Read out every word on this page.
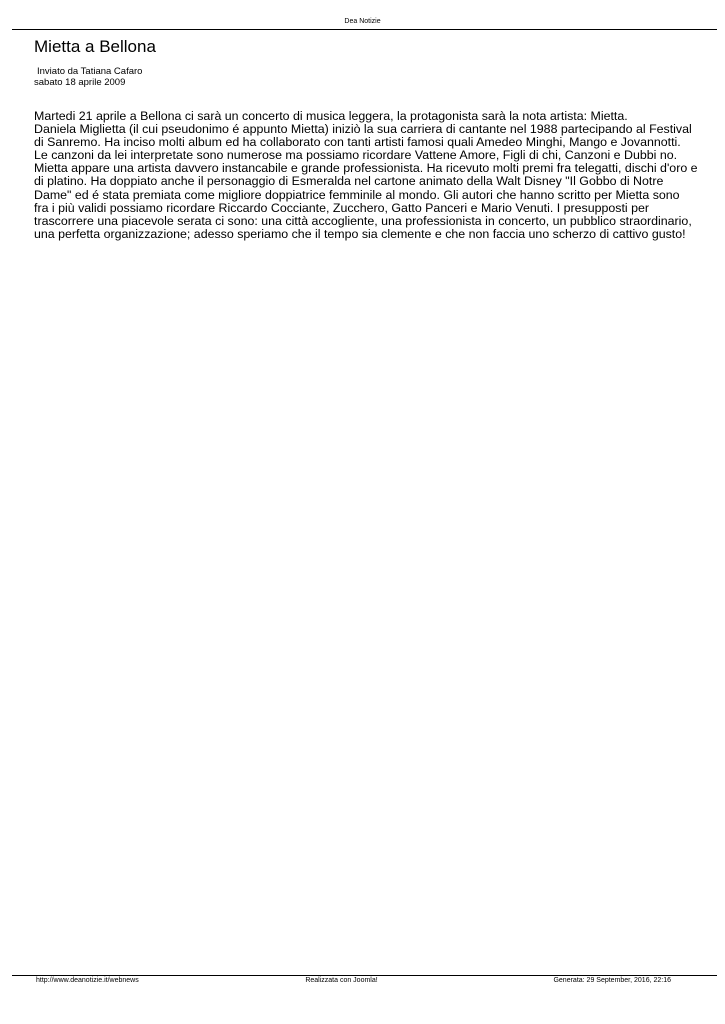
Dea Notizie
Mietta a Bellona
Inviato da Tatiana Cafaro
sabato 18 aprile 2009

Martedi 21 aprile a Bellona ci sarà un concerto di musica leggera, la protagonista sarà la nota artista: Mietta.

Daniela Miglietta (il cui pseudonimo é appunto Mietta) iniziò la sua carriera di cantante nel 1988 partecipando al Festival

di Sanremo. Ha inciso molti album ed ha collaborato con tanti artisti famosi quali Amedeo Minghi, Mango e Jovannotti.

Le canzoni da lei interpretate sono numerose ma possiamo ricordare Vattene Amore, Figli di chi, Canzoni e Dubbi no.

Mietta appare una artista davvero instancabile e grande professionista. Ha ricevuto molti premi fra telegatti, dischi d'oro e

di platino. Ha doppiato anche il personaggio di Esmeralda nel cartone animato della Walt Disney "Il Gobbo di Notre

Dame" ed é stata premiata come migliore doppiatrice femminile al mondo. Gli autori che hanno scritto per Mietta sono

fra i più validi possiamo ricordare Riccardo Cocciante, Zucchero, Gatto Panceri e Mario Venuti. I presupposti per

trascorrere una piacevole serata ci sono: una città accogliente, una professionista in concerto, un pubblico straordinario,

una perfetta organizzazione; adesso speriamo che il tempo sia clemente e che non faccia uno scherzo di cattivo gusto!

http://www.deanotizie.it/webnews	Realizzata con Joomla!	Generata: 29 September, 2016, 22:16
